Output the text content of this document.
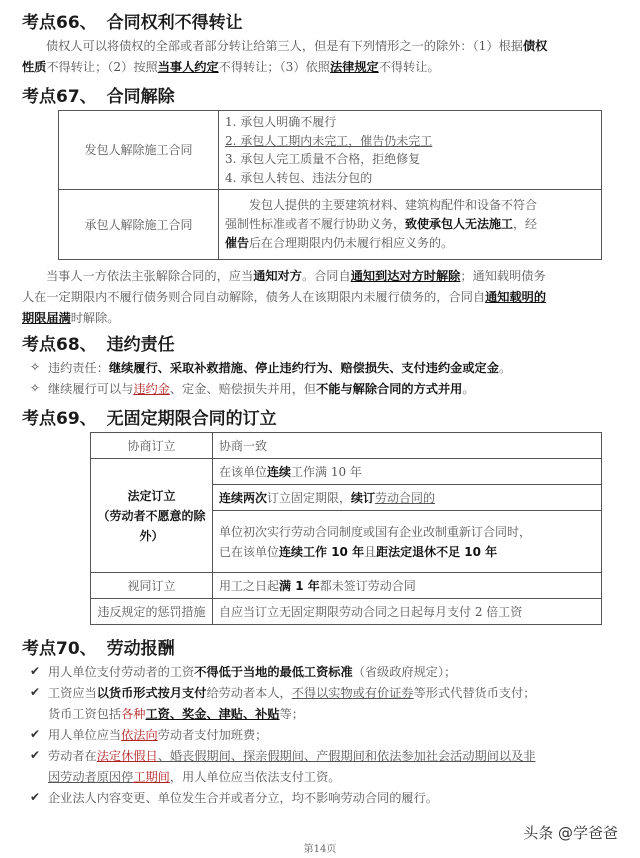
考点66、 合同权利不得转让
债权人可以将债权的全部或者部分转让给第三人，但是有下列情形之一的除外：（1）根据债权
性质不得转让；（2）按照当事人约定不得转让；（3）依照法律规定不得转让。
考点67、 合同解除
发包人解除施工合同	1. 承包人明确不履行
2. 承包人工期内未完工，催告仍未完工
3. 承包人完工质量不合格，拒绝修复
4. 承包人转包、违法分包的

承包人解除施工合同	发包人提供的主要建筑材料、建筑构配件和设备不符合
强制性标准或者不履行协助义务，致使承包人无法施工，经
催告后在合理期限内仍未履行相应义务的。
当事人一方依法主张解除合同的，应当通知对方。合同自通知到达对方时解除；通知载明债务
人在一定期限内不履行债务则合同自动解除，债务人在该期限内未履行债务的，合同自通知载明的
期限届满时解除。
考点68、 违约责任
✧ 违约责任：继续履行、采取补救措施、停止违约行为、赔偿损失、支付违约金或定金。
✧ 继续履行可以与违约金、定金、赔偿损失并用，但不能与解除合同的方式并用。
考点69、 无固定期限合同的订立
协商订立	协商一致

法定订立
（劳动者不愿意的除外）	在该单位连续工作满 10 年
	连续两次订立固定期限，续订劳动合同的

	单位初次实行劳动合同制度或国有企业改制重新订合同时，
已在该单位连续工作 10 年且距法定退休不足 10 年

视同订立	用工之日起满 1 年都未签订劳动合同
违反规定的惩罚措施	自应当订立无固定期限劳动合同之日起每月支付 2 倍工资
考点70、 劳动报酬
✔ 用人单位支付劳动者的工资不得低于当地的最低工资标准（省级政府规定）；
✔ 工资应当以货币形式按月支付给劳动者本人，不得以实物或有价证券等形式代替货币支付；
货币工资包括各种工资、奖金、津贴、补贴等；
✔ 用人单位应当依法向劳动者支付加班费；
✔ 劳动者在法定休假日、婚丧假期间、探亲假期间、产假期间和依法参加社会活动期间以及非
因劳动者原因停工期间，用人单位应当依法支付工资。
✔ 企业法人内容变更、单位发生合并或者分立，均不影响劳动合同的履行。
头条 @学爸爸
第14页
